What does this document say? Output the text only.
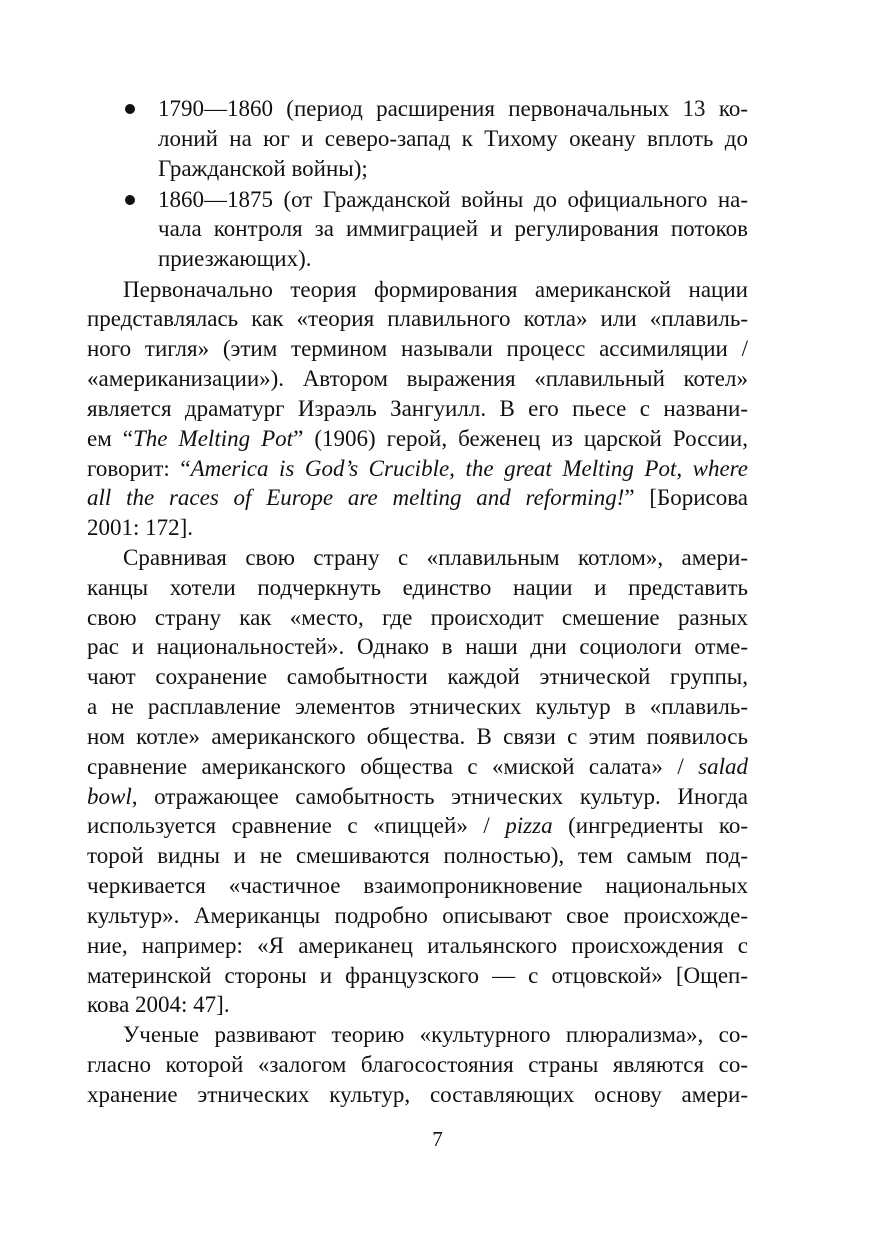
1790—1860 (период расширения первоначальных 13 ко-
лоний на юг и северо-запад к Тихому океану вплоть до
Гражданской войны);
1860—1875 (от Гражданской войны до официального на-
чала контроля за иммиграцией и регулирования потоков
приезжающих).
Первоначально теория формирования американской нации
представлялась как «теория плавильного котла» или «плавиль-
ного тигля» (этим термином называли процесс ассимиляции /
«американизации»). Автором выражения «плавильный котел»
является драматург Израэль Зангуилл. В его пьесе с названи-
ем “The Melting Pot” (1906) герой, беженец из царской России,
говорит: “America is God’s Crucible, the great Melting Pot, where
all the races of Europe are melting and reforming!” [Борисова
2001: 172].
Сравнивая свою страну с «плавильным котлом», амери-
канцы хотели подчеркнуть единство нации и представить
свою страну как «место, где происходит смешение разных
рас и национальностей». Однако в наши дни социологи отме-
чают сохранение самобытности каждой этнической группы,
а не расплавление элементов этнических культур в «плавиль-
ном котле» американского общества. В связи с этим появилось
сравнение американского общества с «миской салата» / salad
bowl, отражающее самобытность этнических культур. Иногда
используется сравнение с «пиццей» / pizza (ингредиенты ко-
торой видны и не смешиваются полностью), тем самым под-
черкивается «частичное взаимопроникновение национальных
культур». Американцы подробно описывают свое происхожде-
ние, например: «Я американец итальянского происхождения с
материнской стороны и французского — с отцовской» [Ощеп-
кова 2004: 47].
Ученые развивают теорию «культурного плюрализма», со-
гласно которой «залогом благосостояния страны являются со-
хранение этнических культур, составляющих основу амери-
7
